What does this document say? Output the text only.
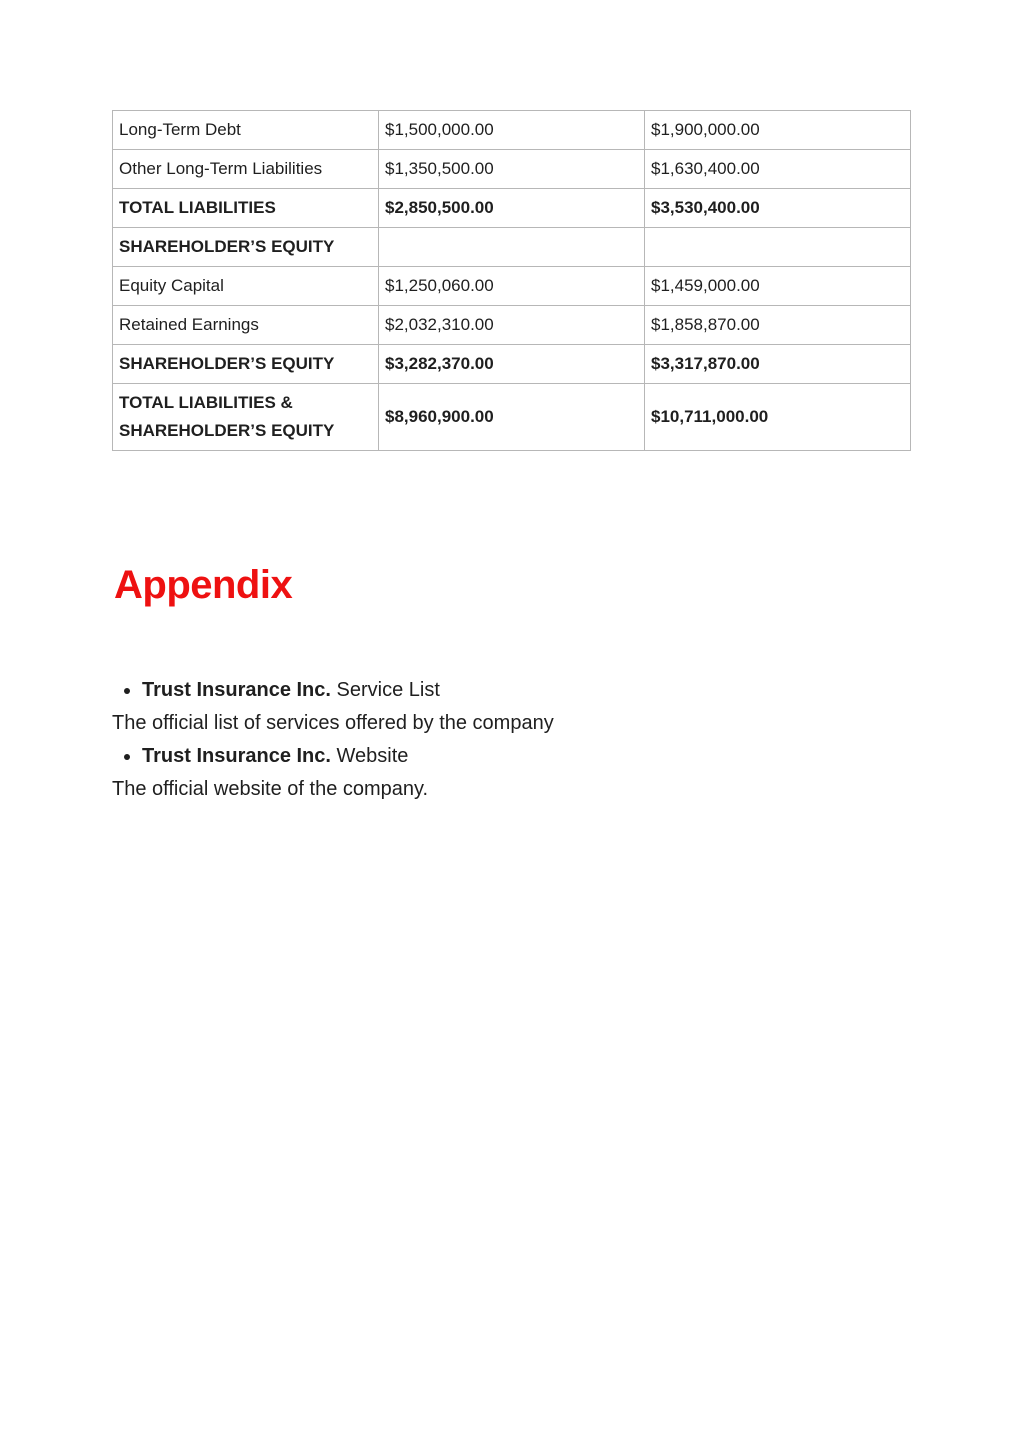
Long-Term Debt	$1,500,000.00	$1,900,000.00
Other Long-Term Liabilities	$1,350,500.00	$1,630,400.00
TOTAL LIABILITIES	$2,850,500.00	$3,530,400.00
SHAREHOLDER’S EQUITY		
Equity Capital	$1,250,060.00	$1,459,000.00
Retained Earnings	$2,032,310.00	$1,858,870.00
SHAREHOLDER’S EQUITY	$3,282,370.00	$3,317,870.00
TOTAL LIABILITIES & SHAREHOLDER’S EQUITY	$8,960,900.00	$10,711,000.00
Appendix
Trust Insurance Inc. Service List
The official list of services offered by the company
Trust Insurance Inc. Website
The official website of the company.
